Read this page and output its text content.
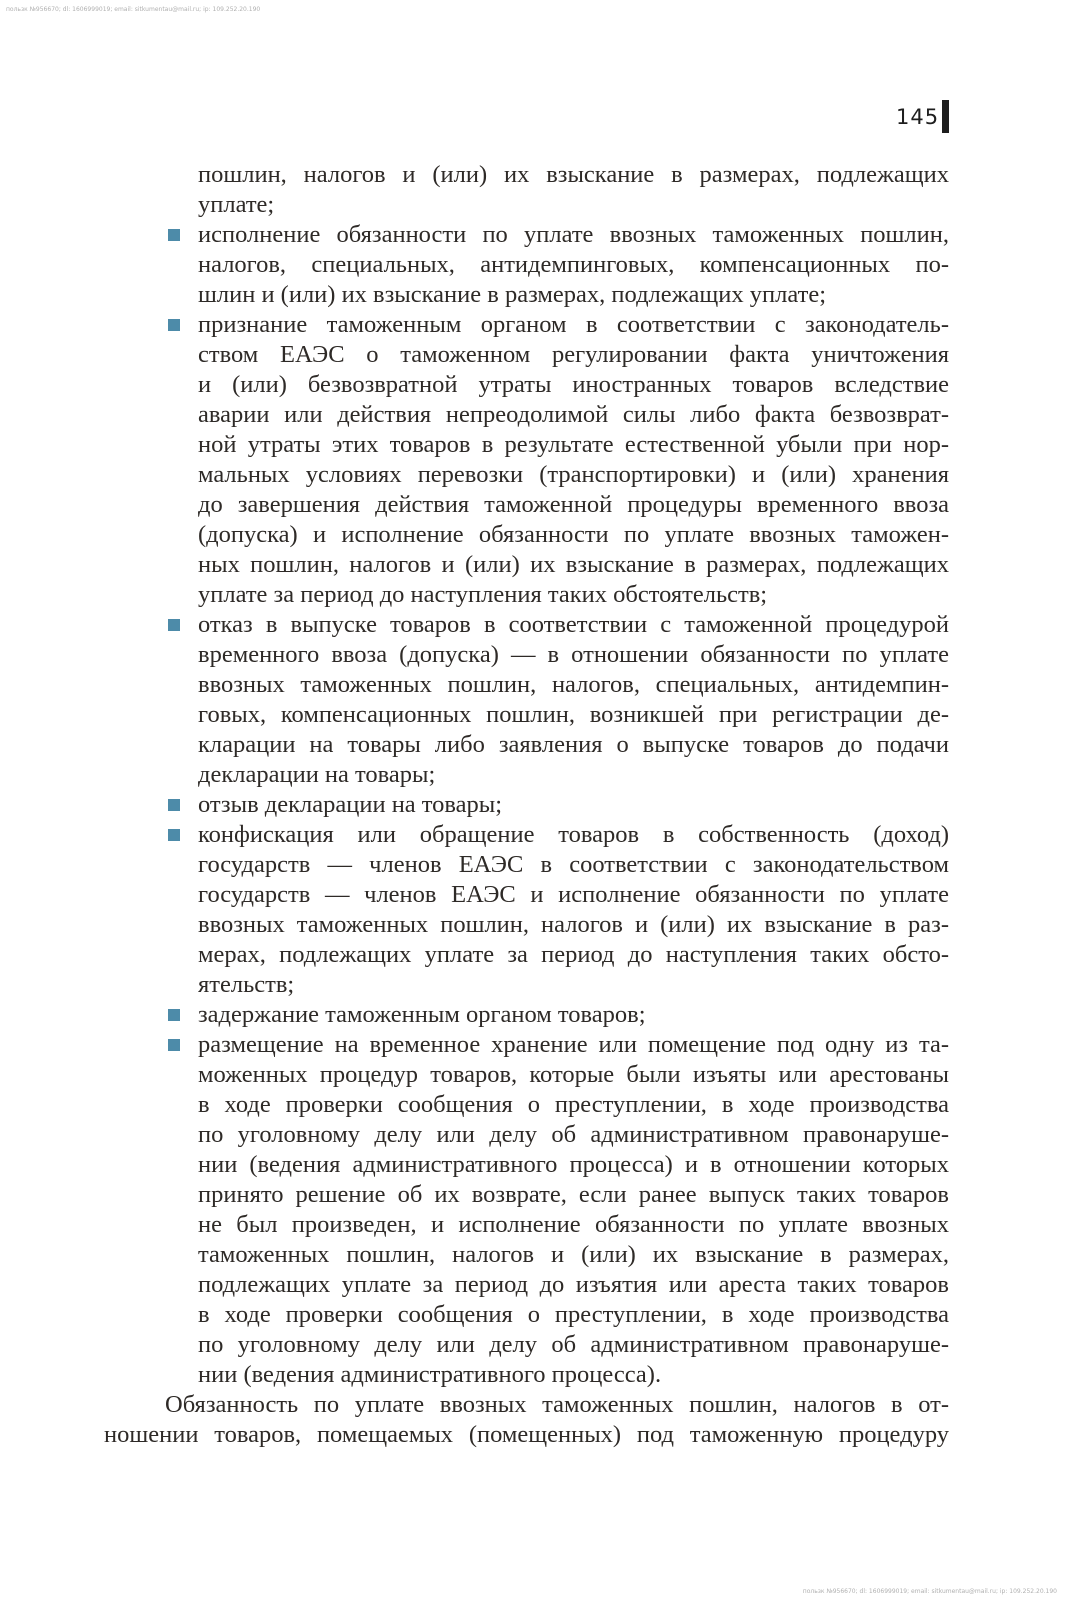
пользк №956670; dl: 1606999019; email: sitkumentau@mail.ru; ip: 109.252.20.190
145
пошлин, налогов и (или) их взыскание в размерах, подлежащих
уплате;
исполнение обязанности по уплате ввозных таможенных пошлин,
налогов, специальных, антидемпинговых, компенсационных по-
шлин и (или) их взыскание в размерах, подлежащих уплате;
признание таможенным органом в соответствии с законодатель-
ством ЕАЭС о таможенном регулировании факта уничтожения
и (или) безвозвратной утраты иностранных товаров вследствие
аварии или действия непреодолимой силы либо факта безвозврат-
ной утраты этих товаров в результате естественной убыли при нор-
мальных условиях перевозки (транспортировки) и (или) хранения
до завершения действия таможенной процедуры временного ввоза
(допуска) и исполнение обязанности по уплате ввозных таможен-
ных пошлин, налогов и (или) их взыскание в размерах, подлежащих
уплате за период до наступления таких обстоятельств;
отказ в выпуске товаров в соответствии с таможенной процедурой
временного ввоза (допуска) — в отношении обязанности по уплате
ввозных таможенных пошлин, налогов, специальных, антидемпин-
говых, компенсационных пошлин, возникшей при регистрации де-
кларации на товары либо заявления о выпуске товаров до подачи
декларации на товары;
отзыв декларации на товары;
конфискация или обращение товаров в собственность (доход)
государств — членов ЕАЭС в соответствии с законодательством
государств — членов ЕАЭС и исполнение обязанности по уплате
ввозных таможенных пошлин, налогов и (или) их взыскание в раз-
мерах, подлежащих уплате за период до наступления таких обсто-
ятельств;
задержание таможенным органом товаров;
размещение на временное хранение или помещение под одну из та-
моженных процедур товаров, которые были изъяты или арестованы
в ходе проверки сообщения о преступлении, в ходе производства
по уголовному делу или делу об административном правонаруше-
нии (ведения административного процесса) и в отношении которых
принято решение об их возврате, если ранее выпуск таких товаров
не был произведен, и исполнение обязанности по уплате ввозных
таможенных пошлин, налогов и (или) их взыскание в размерах,
подлежащих уплате за период до изъятия или ареста таких товаров
в ходе проверки сообщения о преступлении, в ходе производства
по уголовному делу или делу об административном правонаруше-
нии (ведения административного процесса).
Обязанность по уплате ввозных таможенных пошлин, налогов в от-
ношении товаров, помещаемых (помещенных) под таможенную процедуру
пользк №956670; dl: 1606999019; email: sitkumentau@mail.ru; ip: 109.252.20.190
